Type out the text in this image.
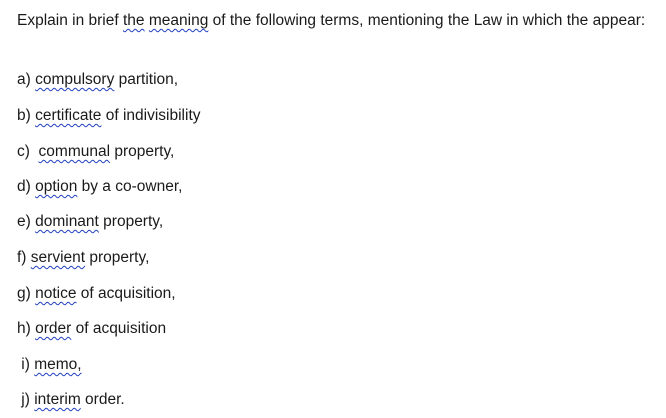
Explain in brief the meaning of the following terms, mentioning the Law in which the appear:

a) compulsory partition,
b) certificate of indivisibility
c)  communal property,
d) option by a co-owner,
e) dominant property,
f) servient property,
g) notice of acquisition,
h) order of acquisition
i) memo,
j) interim order.
